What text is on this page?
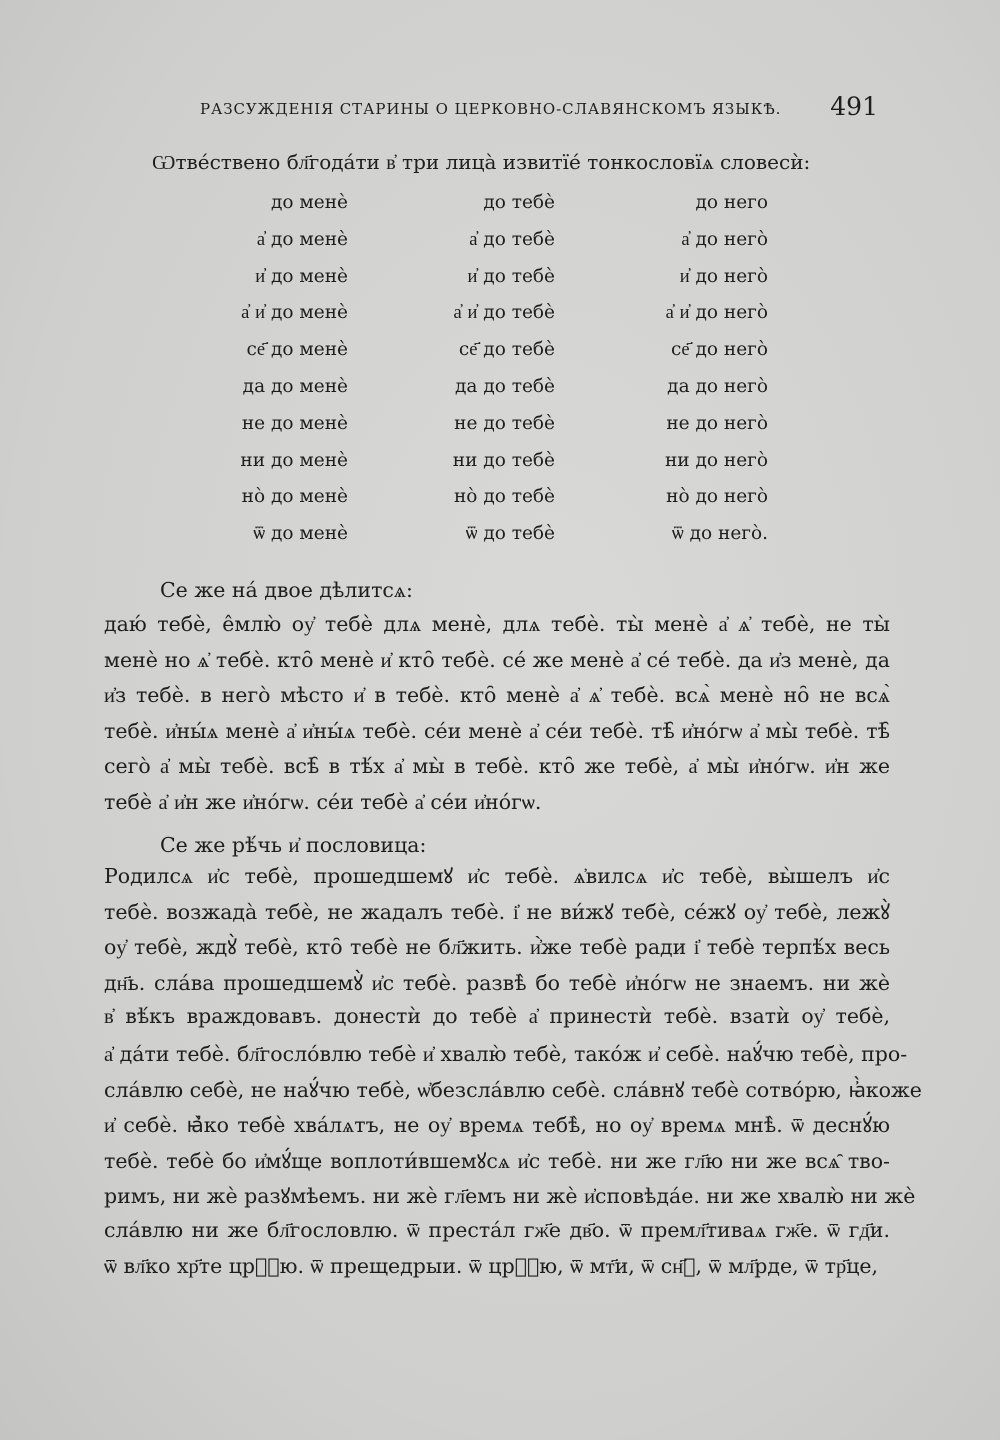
РАЗСУЖДЕНІЯ СТАРИНЫ О ЦЕРКОВНО-СЛАВЯНСКОМЪ ЯЗЫКѢ. 491
Ѡтве́ствено бл҃года́ти в҆ три лица̀ извитїе́ тонкословїѧ словесѝ:
до менѐ	до тебѐ	до него
а҆ до менѐ	а҆ до тебѐ	а҆ до него̀
и҆ до менѐ	и҆ до тебѐ	и҆ до него̀
а҆ и҆ до менѐ	а҆ и҆ до тебѐ	а҆ и҆ до него̀
се҃ до менѐ	се҃ до тебѐ	се҃ до него̀
да до менѐ	да до тебѐ	да до него̀
не до менѐ	не до тебѐ	не до него̀
ни до менѐ	ни до тебѐ	ни до него̀
но̀ до менѐ	но̀ до тебѐ	но̀ до него̀
ѿ до менѐ	ѿ до тебѐ	ѿ до него̀.
Се же на́ двое дѣлитсѧ:
даю́ тебѐ, е̂млю̀ оу҆ тебѐ длѧ менѐ, длѧ тебѐ. ты̀ менѐ а҆ ѧ҆ тебѐ, не ты̀
менѐ но ѧ҆ тебѐ. кто̑ менѐ и҆ кто̑ тебѐ. се́ же менѐ а҆ се́ тебѐ. да и҆з менѐ, да
и҆з тебѐ. в него̀ мѣсто и҆ в тебѐ. кто̑ менѐ а҆ ѧ҆ тебѐ. всѧ̀ менѐ но̑ не всѧ̀
тебѐ. и҆ны́ѧ менѐ а҆ и҆ны́ѧ тебѐ. се́и менѐ а҆ се́и тебѐ. тѣ̑ и҆но́гѡ а҆ мы̀ тебѐ. тѣ̑
сего̀ а҆ мы̀ тебѐ. всѣ̑ в тѣ́х а҆ мы̀ в тебѐ. кто̑ же тебѐ, а҆ мы̀ и҆но́гѡ. и҆н же
тебѐ а҆ и҆н же и҆но́гѡ. се́и тебѐ а҆ се́и и҆но́гѡ.
Се же рѣ́чь и҆ пословица:
Родилсѧ и҆с тебѐ, прошедшемꙋ и҆с тебѐ. ѧ҆вилсѧ и҆с тебѐ, вы̀шелъ и҆с
тебѐ. возжада̀ тебѐ, не жадалъ тебѐ. і҆ не ви́жꙋ тебѐ, се́жꙋ оу҆ тебѐ, лежꙋ̀
оу҆ тебѐ, ждꙋ̀ тебѐ, кто̑ тебѐ не бл҃жить. и҆̀же тебѐ ради і҆ тебѐ терпѣ́х весь
дн҃ь. сла́ва прошедшемꙋ̀ и҆с тебѐ. развѣ̀ бо тебѐ и҆но́гѡ не знаемъ. ни жѐ
в҆ вѣ́къ враждовавъ. донестѝ до тебѐ а҆ принестѝ тебѐ. взатѝ оу҆ тебѐ,
а҆ да́ти тебѐ. бл҃госло́влю тебѐ и҆ хвалю̀ тебѐ, тако́ж и҆ себѐ. наꙋ́чю тебѐ, про-
сла́влю себѐ, не наꙋ́чю тебѐ, ѡ҆безсла́влю себѐ. сла́внꙋ тебѐ сотво́рю, ꙗ҆̀коже
и҆ себѐ. ꙗ҆̀ко тебѐ хва́лѧтъ, не оу҆ времѧ тебѣ̀, но оу҆ времѧ мнѣ̀. ѿ деснꙋ́ю
тебѐ. тебѐ бо и҆мꙋ́ще воплоти́вшемꙋсѧ и҆с тебѐ. ни же гл҃ю ни же всѧ̑ тво-
римъ, ни жѐ разꙋмѣемъ. ни жѐ гл҃емъ ни жѐ и҆сповѣда́е. ни же хвалю̀ ни жѐ
сла́влю ни же бл҃гословлю. ѿ преста́л гж҃е дв҃о. ѿ премл҃тиваѧ гж҃е. ѿ гд҃и.
ѿ вл҃ко хр҃те црⷭ҇ю. ѿ прещедрыи. ѿ црⷭ҇ю, ѿ мт҃и, ѿ сн҃ꙋ, ѿ мл҃рде, ѿ тр҃це,
